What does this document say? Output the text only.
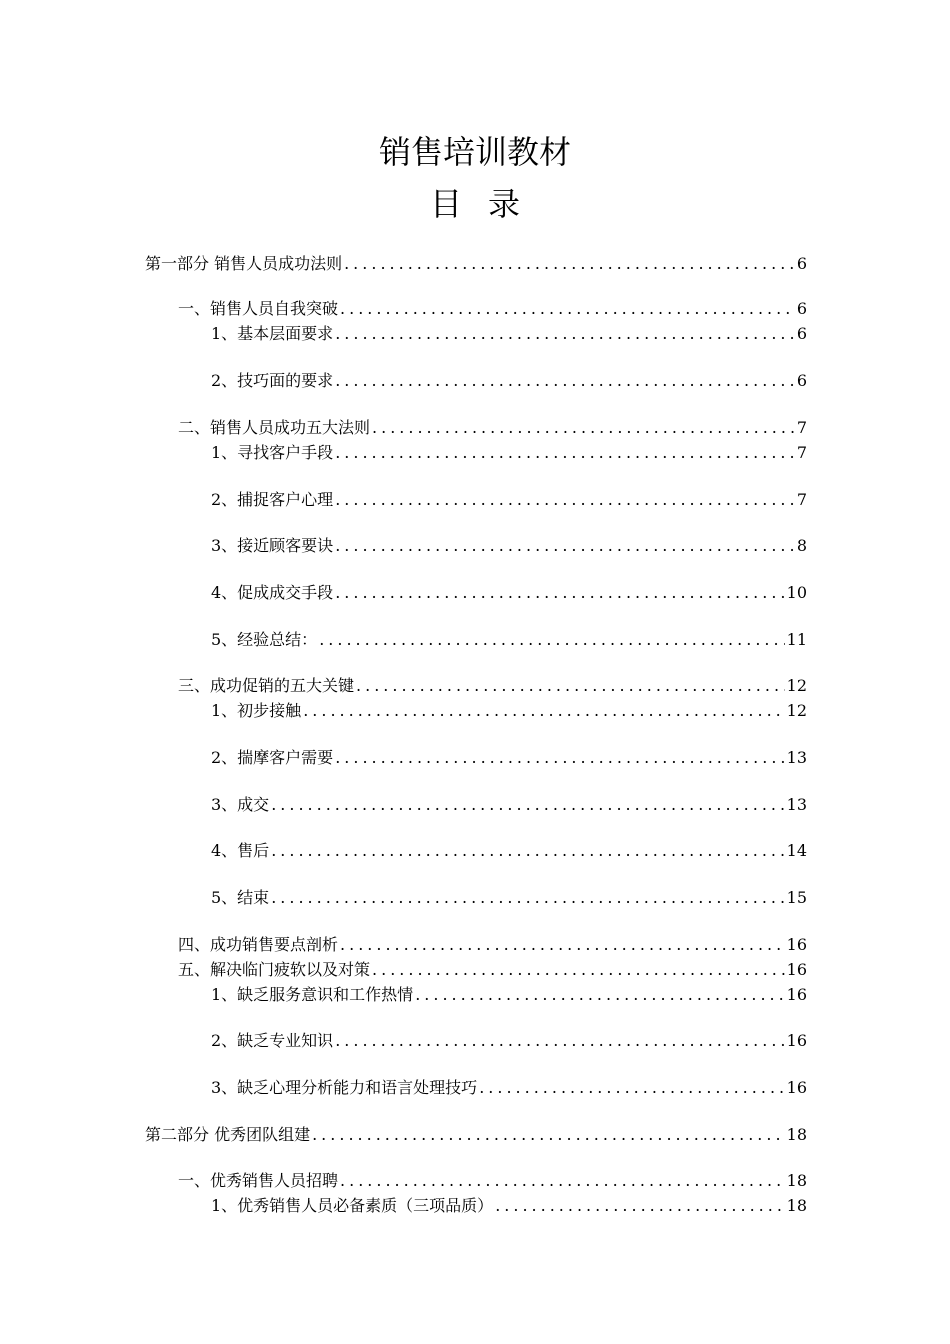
销售培训教材
目录
第一部分 销售人员成功法则 .....	6
一、销售人员自我突破 .....	6
1、基本层面要求 .....	6
2、技巧面的要求 .....	6
二、销售人员成功五大法则 .....	7
1、寻找客户手段 .....	7
2、捕捉客户心理 .....	7
3、接近顾客要诀 .....	8
4、促成成交手段 .....	10
5、经验总结： .....	11
三、成功促销的五大关键 .....	12
1、初步接触 .....	12
2、揣摩客户需要 .....	13
3、成交 .....	13
4、售后 .....	14
5、结束 .....	15
四、成功销售要点剖析 .....	16
五、解决临门疲软以及对策 .....	16
1、缺乏服务意识和工作热情 .....	16
2、缺乏专业知识 .....	16
3、缺乏心理分析能力和语言处理技巧 .....	16
第二部分 优秀团队组建 .....	18
一、优秀销售人员招聘 .....	18
1、优秀销售人员必备素质（三项品质） .....	18
